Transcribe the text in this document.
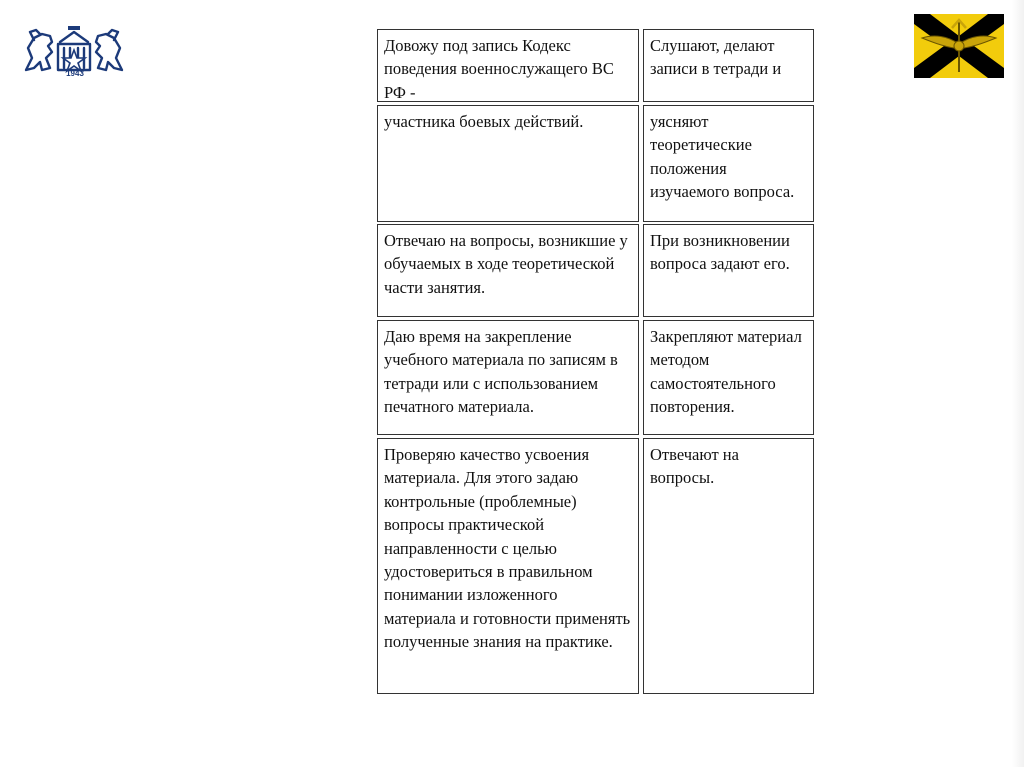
1943
Довожу под запись Кодекс поведения военнослужащего ВС РФ -
Слушают, делают записи в тетради и
участника боевых действий.	уясняют теоретические положения изучаемого вопроса.
Отвечаю на вопросы, возникшие у обучаемых в ходе теоретической части занятия.
При возникновении вопроса задают его.
Даю время на закрепление учебного материала по записям в тетради или с использованием печатного материала.
Закрепляют материал методом самостоятельного повторения.
Проверяю качество усвоения материала. Для этого задаю контрольные (проблемные) вопросы практической направленности с целью удостовериться в правильном понимании изложенного материала и готовности применять полученные знания на практике.
Отвечают на вопросы.
